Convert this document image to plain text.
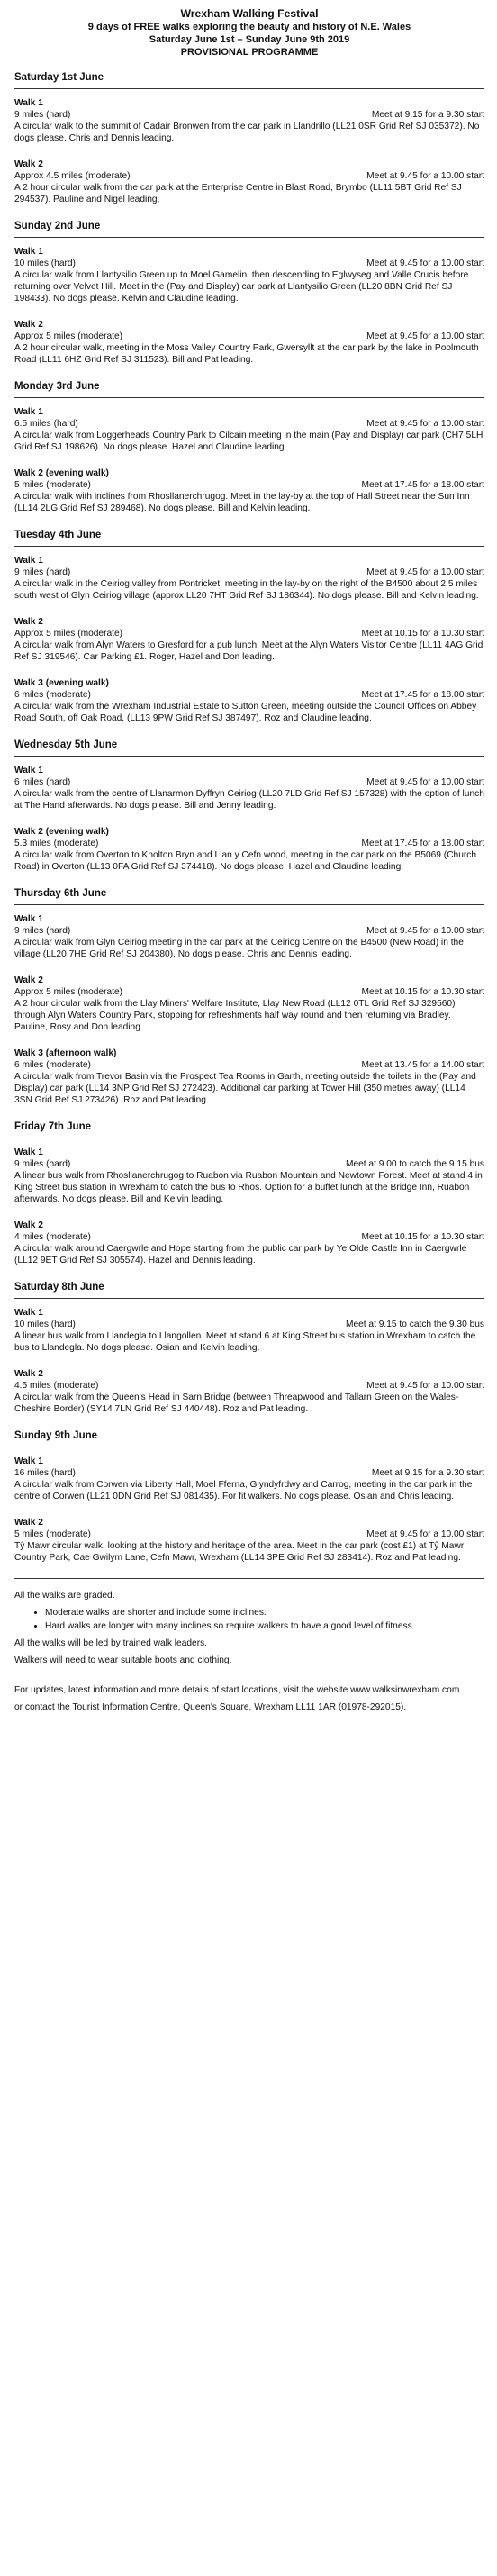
Wrexham Walking Festival
9 days of FREE walks exploring the beauty and history of N.E. Wales
Saturday June 1st – Sunday June 9th 2019
PROVISIONAL PROGRAMME
Saturday 1st June
Walk 1
9 miles (hard)	Meet at 9.15 for a 9.30 start

A circular walk to the summit of Cadair Bronwen from the car park in Llandrillo (LL21 0SR Grid Ref SJ 035372). No dogs please. Chris and Dennis leading.

Walk 2
Approx 4.5 miles (moderate)	Meet at 9.45 for a 10.00 start

A 2 hour circular walk from the car park at the Enterprise Centre in Blast Road, Brymbo (LL11 5BT Grid Ref SJ 294537). Pauline and Nigel leading.

Sunday 2nd June
Walk 1
10 miles (hard)	Meet at 9.45 for a 10.00 start

A circular walk from Llantysilio Green up to Moel Gamelin, then descending to Eglwyseg and Valle Crucis before returning over Velvet Hill. Meet in the (Pay and Display) car park at Llantysilio Green (LL20 8BN Grid Ref SJ 198433). No dogs please. Kelvin and Claudine leading.

Walk 2
Approx 5 miles (moderate)	Meet at 9.45 for a 10.00 start

A 2 hour circular walk, meeting in the Moss Valley Country Park, Gwersyllt at the car park by the lake in Poolmouth Road (LL11 6HZ Grid Ref SJ 311523). Bill and Pat leading.

Monday 3rd June
Walk 1
6.5 miles (hard)	Meet at 9.45 for a 10.00 start

A circular walk from Loggerheads Country Park to Cilcain meeting in the main (Pay and Display) car park (CH7 5LH Grid Ref SJ 198626). No dogs please. Hazel and Claudine leading.

Walk 2 (evening walk)
5 miles (moderate)	Meet at 17.45 for a 18.00 start

A circular walk with inclines from Rhosllanerchrugog. Meet in the lay-by at the top of Hall Street near the Sun Inn (LL14 2LG Grid Ref SJ 289468). No dogs please. Bill and Kelvin leading.

Tuesday 4th June
Walk 1
9 miles (hard)	Meet at 9.45 for a 10.00 start

A circular walk in the Ceiriog valley from Pontricket, meeting in the lay-by on the right of the B4500 about 2.5 miles south west of Glyn Ceiriog village (approx LL20 7HT Grid Ref SJ 186344). No dogs please. Bill and Kelvin leading.

Walk 2
Approx 5 miles (moderate)	Meet at 10.15 for a 10.30 start

A circular walk from Alyn Waters to Gresford for a pub lunch. Meet at the Alyn Waters Visitor Centre (LL11 4AG Grid Ref SJ 319546). Car Parking £1. Roger, Hazel and Don leading.

Walk 3 (evening walk)
6 miles (moderate)	Meet at 17.45 for a 18.00 start

A circular walk from the Wrexham Industrial Estate to Sutton Green, meeting outside the Council Offices on Abbey Road South, off Oak Road. (LL13 9PW Grid Ref SJ 387497). Roz and Claudine leading.

Wednesday 5th June
Walk 1
6 miles (hard)	Meet at 9.45 for a 10.00 start

A circular walk from the centre of Llanarmon Dyffryn Ceiriog (LL20 7LD Grid Ref SJ 157328) with the option of lunch at The Hand afterwards. No dogs please. Bill and Jenny leading.

Walk 2 (evening walk)
5.3 miles (moderate)	Meet at 17.45 for a 18.00 start

A circular walk from Overton to Knolton Bryn and Llan y Cefn wood, meeting in the car park on the B5069 (Church Road) in Overton (LL13 0FA Grid Ref SJ 374418). No dogs please. Hazel and Claudine leading.

Thursday 6th June
Walk 1
9 miles (hard)	Meet at 9.45 for a 10.00 start

A circular walk from Glyn Ceiriog meeting in the car park at the Ceiriog Centre on the B4500 (New Road) in the village (LL20 7HE Grid Ref SJ 204380). No dogs please. Chris and Dennis leading.

Walk 2
Approx 5 miles (moderate)	Meet at 10.15 for a 10.30 start

A 2 hour circular walk from the Llay Miners' Welfare Institute, Llay New Road (LL12 0TL Grid Ref SJ 329560) through Alyn Waters Country Park, stopping for refreshments half way round and then returning via Bradley. Pauline, Rosy and Don leading.

Walk 3 (afternoon walk)
6 miles (moderate)	Meet at 13.45 for a 14.00 start

A circular walk from Trevor Basin via the Prospect Tea Rooms in Garth, meeting outside the toilets in the (Pay and Display) car park (LL14 3NP Grid Ref SJ 272423). Additional car parking at Tower Hill (350 metres away) (LL14 3SN Grid Ref SJ 273426). Roz and Pat leading.

Friday 7th June
Walk 1
9 miles (hard)	Meet at 9.00 to catch the 9.15 bus

A linear bus walk from Rhosllanerchrugog to Ruabon via Ruabon Mountain and Newtown Forest. Meet at stand 4 in King Street bus station in Wrexham to catch the bus to Rhos. Option for a buffet lunch at the Bridge Inn, Ruabon afterwards. No dogs please. Bill and Kelvin leading.

Walk 2
4 miles (moderate)	Meet at 10.15 for a 10.30 start

A circular walk around Caergwrle and Hope starting from the public car park by Ye Olde Castle Inn in Caergwrle (LL12 9ET Grid Ref SJ 305574). Hazel and Dennis leading.

Saturday 8th June
Walk 1
10 miles (hard)	Meet at 9.15 to catch the 9.30 bus

A linear bus walk from Llandegla to Llangollen. Meet at stand 6 at King Street bus station in Wrexham to catch the bus to Llandegla. No dogs please. Osian and Kelvin leading.

Walk 2
4.5 miles (moderate)	Meet at 9.45 for a 10.00 start

A circular walk from the Queen's Head in Sarn Bridge (between Threapwood and Tallarn Green on the Wales-Cheshire Border) (SY14 7LN Grid Ref SJ 440448). Roz and Pat leading.

Sunday 9th June
Walk 1
16 miles (hard)	Meet at 9.15 for a 9.30 start

A circular walk from Corwen via Liberty Hall, Moel Fferna, Glyndyfrdwy and Carrog, meeting in the car park in the centre of Corwen (LL21 0DN Grid Ref SJ 081435). For fit walkers. No dogs please. Osian and Chris leading.

Walk 2
5 miles (moderate)	Meet at 9.45 for a 10.00 start

Tŷ Mawr circular walk, looking at the history and heritage of the area. Meet in the car park (cost £1) at Tŷ Mawr Country Park, Cae Gwilym Lane, Cefn Mawr, Wrexham (LL14 3PE Grid Ref SJ 283414). Roz and Pat leading.

All the walks are graded.

• Moderate walks are shorter and include some inclines.
• Hard walks are longer with many inclines so require walkers to have a good level of fitness.

All the walks will be led by trained walk leaders.

Walkers will need to wear suitable boots and clothing.

For updates, latest information and more details of start locations, visit the website www.walksinwrexham.com

or contact the Tourist Information Centre, Queen's Square, Wrexham LL11 1AR (01978-292015).
